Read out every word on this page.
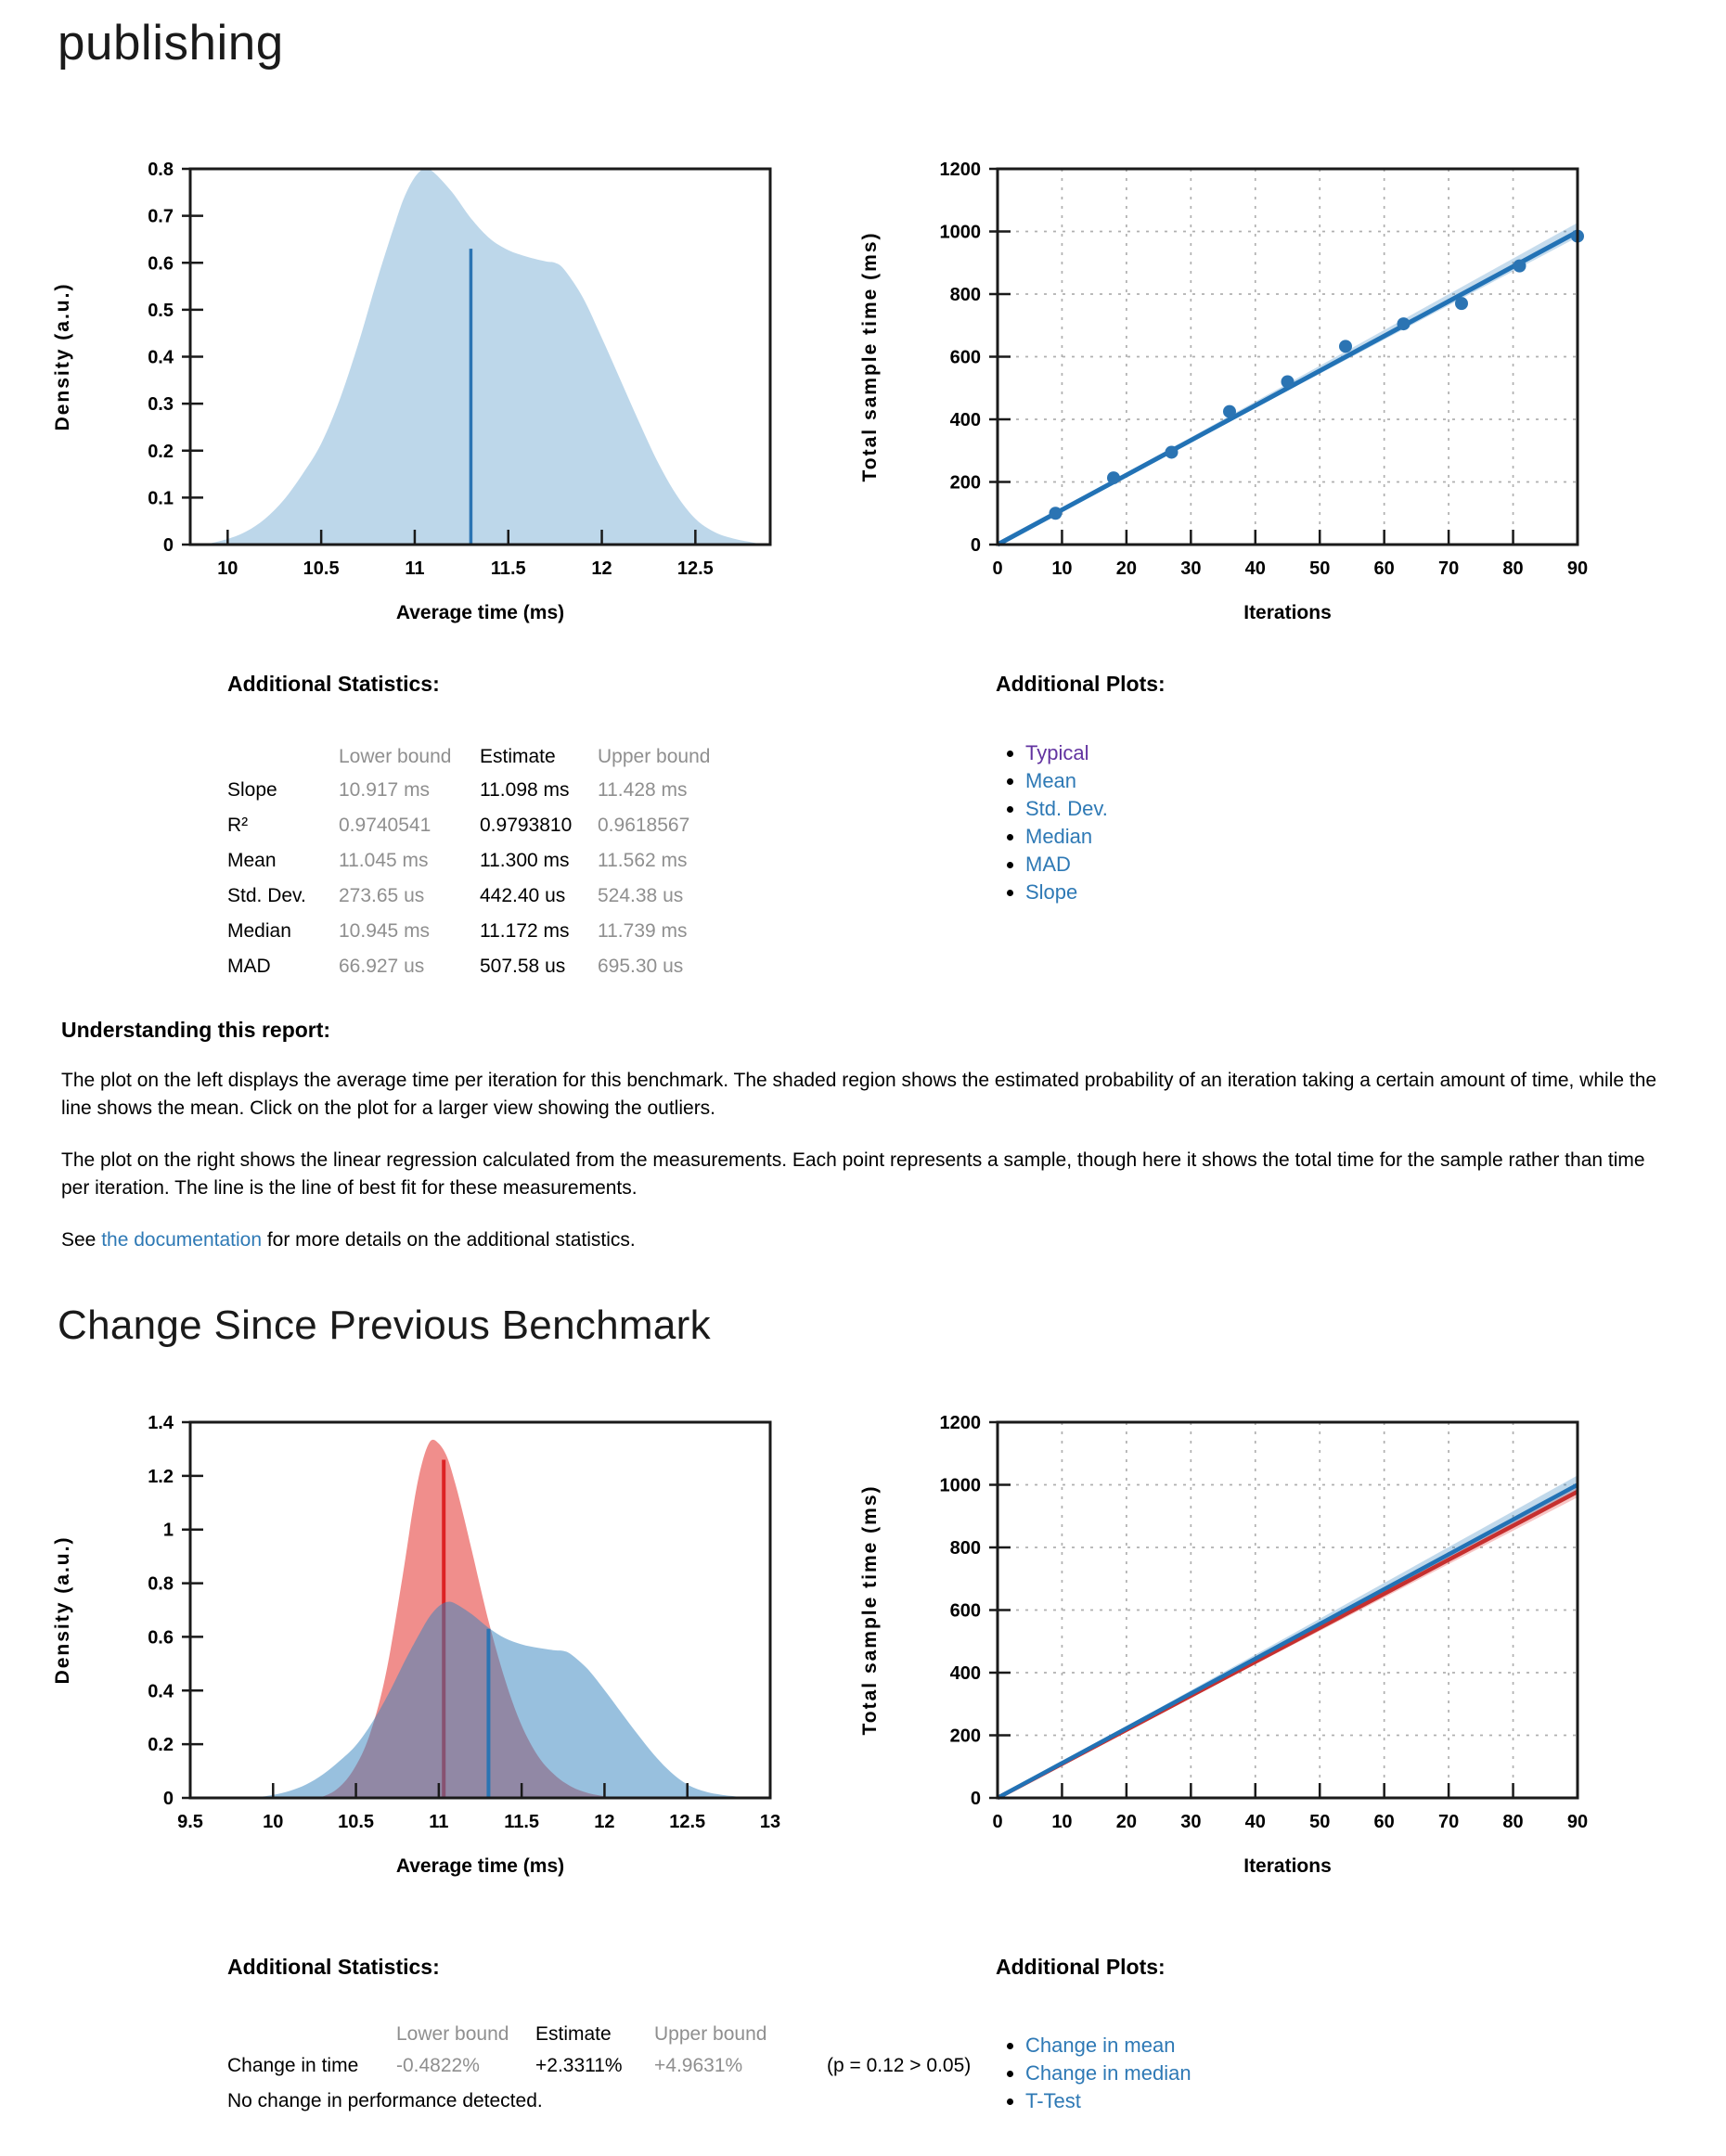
publishing
10	10.5	11	11.5	12	12.5
0
0.1
0.2
0.3
0.4
0.5
0.6
0.7
0.8
Average time (ms)
Density (a.u.)
0	10 20 30 40 50 60 70 80 90
0
200
400
600
800
1000
1200
Iterations
Total sample time (ms)
Additional Statistics:
Lower bound	Estimate	Upper bound
Slope	10.917 ms	11.098 ms	11.428 ms
R²	0.9740541	0.9793810	0.9618567
Mean	11.045 ms	11.300 ms	11.562 ms
Std. Dev.	273.65 us	442.40 us	524.38 us
Median	10.945 ms	11.172 ms	11.739 ms
MAD	66.927 us	507.58 us	695.30 us
Additional Plots:
• Typical
• Mean
• Std. Dev.
• Median
• MAD
• Slope
Understanding this report:

The plot on the left displays the average time per iteration for this benchmark. The shaded region shows the estimated probability of an iteration taking a certain amount of time, while the line shows the mean. Click on the plot for a larger view showing the outliers.

The plot on the right shows the linear regression calculated from the measurements. Each point represents a sample, though here it shows the total time for the sample rather than time per iteration. The line is the line of best fit for these measurements.

See the documentation for more details on the additional statistics.

Change Since Previous Benchmark
9.5	10	10.5	11	11.5	12	12.5	13
0
0.2
0.4
0.6
0.8
1
1.2
1.4
Average time (ms)
Density (a.u.)
0	10 20 30 40 50 60 70 80 90
0
200
400
600
800
1000
1200
Iterations
Total sample time (ms)
Additional Statistics:
Lower bound	Estimate	Upper bound
Change in time	-0.4822%	+2.3311%	+4.9631%	(p = 0.12 > 0.05)

No change in performance detected.

Additional Plots:
• Change in mean
• Change in median
• T-Test
